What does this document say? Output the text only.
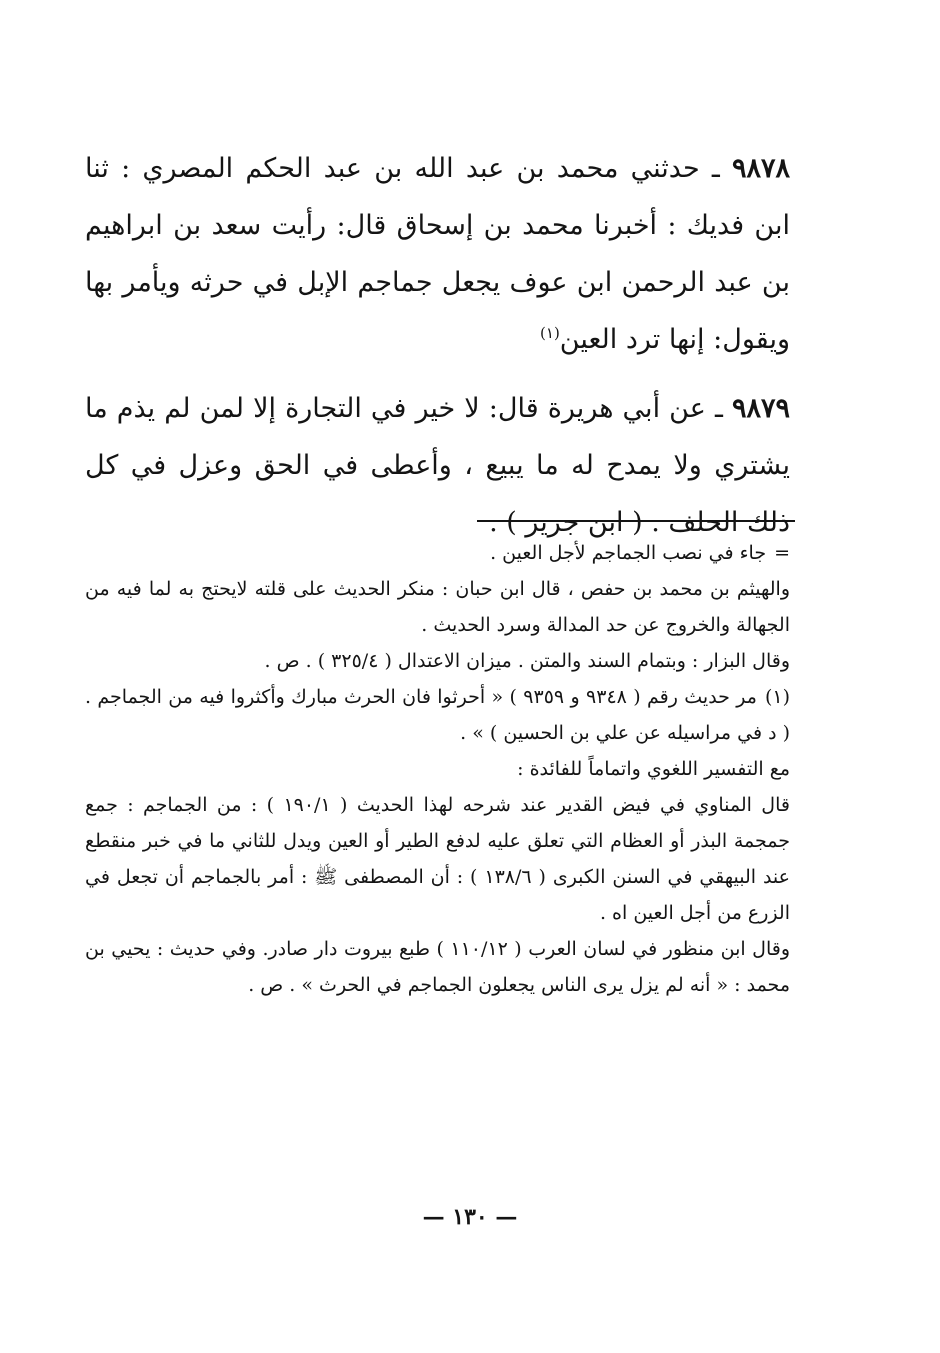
٩٨٧٨ ـ حدثني محمد بن عبد الله بن عبد الحكم المصري : ثنا ابن فديك : أخبرنا محمد بن إسحاق قال: رأيت سعد بن ابراهيم بن عبد الرحمن ابن عوف يجعل جماجم الإبل في حرثه ويأمر بها ويقول: إنها ترد العين$^{(١)}$

٩٨٧٩ ـ عن أبي هريرة قال: لا خير في التجارة إلا لمن لم يذم ما يشتري ولا يمدح له ما يبيع ، وأعطى في الحق وعزل في كل ذلك الحلف . ( ابن جرير ) .

=جاء في نصب الجماجم لأجل العين .

والهيثم بن محمد بن حفص ، قال ابن حبان : منكر الحديث على قلته لايحتج به لما فيه من الجهالة والخروج عن حد المدالة وسرد الحديث .

وقال البزار : وبتمام السند والمتن . ميزان الاعتدال ( ٣٢٥/٤ ) . ص .

(١)مر حديث رقم ( ٩٣٤٨ و ٩٣٥٩ ) « أحرثوا فان الحرث مبارك وأكثروا فيه من الجماجم . ( د في مراسيله عن علي بن الحسين ) » .

مع التفسير اللغوي واتماماً للفائدة :

قال المناوي في فيض القدير عند شرحه لهذا الحديث ( ١٩٠/١ ) : من الجماجم : جمع جمجمة البذر أو العظام التي تعلق عليه لدفع الطير أو العين ويدل للثاني ما في خبر منقطع عند البيهقي في السنن الكبرى ( ١٣٨/٦ ) : أن المصطفى ﷺ : أمر بالجماجم أن تجعل في الزرع من أجل العين اه .

وقال ابن منظور في لسان العرب ( ١١٠/١٢ ) طبع بيروت دار صادر. وفي حديث : يحيي بن محمد : « أنه لم يزل يرى الناس يجعلون الجماجم في الحرث » . ص .

— ١٣٠ —
